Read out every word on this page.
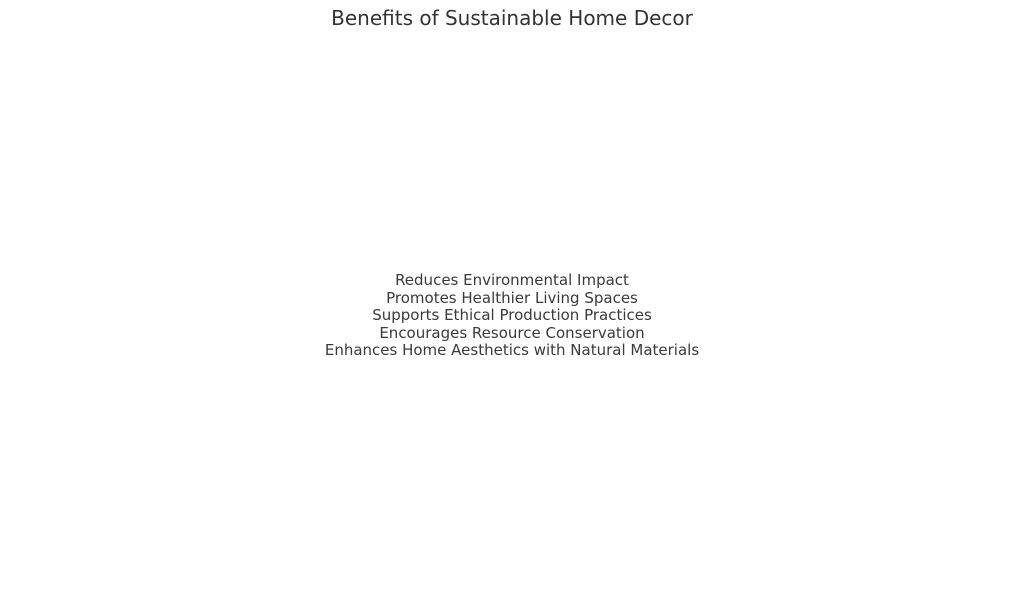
Benefits of Sustainable Home Decor
Reduces Environmental Impact
Promotes Healthier Living Spaces
Supports Ethical Production Practices
Encourages Resource Conservation
Enhances Home Aesthetics with Natural Materials
